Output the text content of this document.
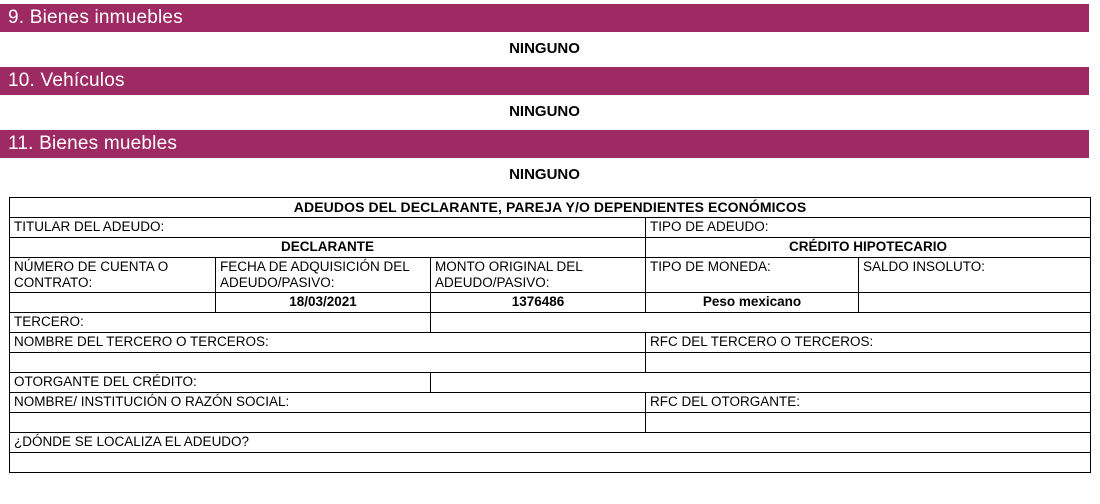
9. Bienes inmuebles
NINGUNO
10. Vehículos
NINGUNO
11. Bienes muebles
NINGUNO
ADEUDOS DEL DECLARANTE, PAREJA Y/O DEPENDIENTES ECONÓMICOS				
TITULAR DEL ADEUDO:			TIPO DE ADEUDO:	
DECLARANTE			CRÉDITO HIPOTECARIO	
NÚMERO DE CUENTA O CONTRATO:	FECHA DE ADQUISICIÓN DEL ADEUDO/PASIVO:	MONTO ORIGINAL DEL ADEUDO/PASIVO:	TIPO DE MONEDA:	SALDO INSOLUTO:
	18/03/2021	1376486	Peso mexicano	
TERCERO:				
NOMBRE DEL TERCERO O TERCEROS:			RFC DEL TERCERO O TERCEROS:	

OTORGANTE DEL CRÉDITO:				
NOMBRE/ INSTITUCIÓN O RAZÓN SOCIAL:			RFC DEL OTORGANTE:	

¿DÓNDE SE LOCALIZA EL ADEUDO?				
